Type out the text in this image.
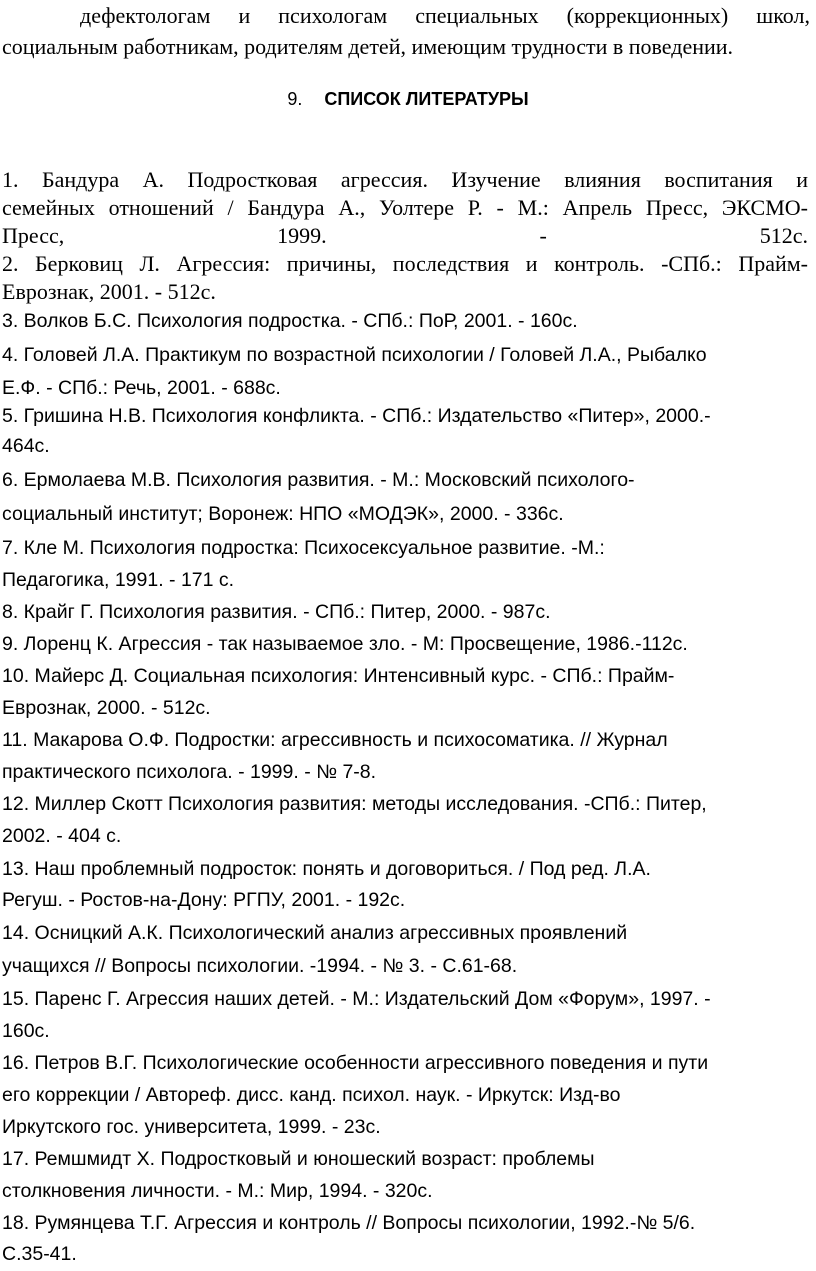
дефектологам и психологам специальных (коррекционных) школ,
социальным работникам, родителям детей, имеющим трудности в поведении.
9. СПИСОК ЛИТЕРАТУРЫ
1. Бандура А. Подростковая агрессия. Изучение влияния воспитания и
семейных отношений / Бандура А., Уолтере Р. - М.: Апрель Пресс, ЭКСМО-
Пресс, 1999. - 512с.
2. Берковиц Л. Агрессия: причины, последствия и контроль. -СПб.: Прайм-
Еврознак, 2001. - 512с.
3. Волков Б.С. Психология подростка. - СПб.: ПоР, 2001. - 160с.
4. Головей Л.А. Практикум по возрастной психологии / Головей Л.А., Рыбалко
Е.Ф. - СПб.: Речь, 2001. - 688с.
5. Гришина Н.В. Психология конфликта. - СПб.: Издательство «Питер», 2000.-
464с.
6. Ермолаева М.В. Психология развития. - М.: Московский психолого-
социальный институт; Воронеж: НПО «МОДЭК», 2000. - 336с.
7. Кле М. Психология подростка: Психосексуальное развитие. -М.:
Педагогика, 1991. - 171 с.
8. Крайг Г. Психология развития. - СПб.: Питер, 2000. - 987с.
9. Лоренц К. Агрессия - так называемое зло. - М: Просвещение, 1986.-112с.
10. Майерс Д. Социальная психология: Интенсивный курс. - СПб.: Прайм-
Еврознак, 2000. - 512с.
11. Макарова О.Ф. Подростки: агрессивность и психосоматика. // Журнал
практического психолога. - 1999. - № 7-8.
12. Миллер Скотт Психология развития: методы исследования. -СПб.: Питер,
2002. - 404 с.
13. Наш проблемный подросток: понять и договориться. / Под ред. Л.А.
Регуш. - Ростов-на-Дону: РГПУ, 2001. - 192с.
14. Осницкий А.К. Психологический анализ агрессивных проявлений
учащихся // Вопросы психологии. -1994. - № 3. - С.61-68.
15. Паренс Г. Агрессия наших детей. - М.: Издательский Дом «Форум», 1997. -
160с.
16. Петров В.Г. Психологические особенности агрессивного поведения и пути
его коррекции / Автореф. дисс. канд. психол. наук. - Иркутск: Изд-во
Иркутского гос. университета, 1999. - 23с.
17. Ремшмидт Х. Подростковый и юношеский возраст: проблемы
столкновения личности. - М.: Мир, 1994. - 320с.
18. Румянцева Т.Г. Агрессия и контроль // Вопросы психологии, 1992.-№ 5/6.
С.35-41.
